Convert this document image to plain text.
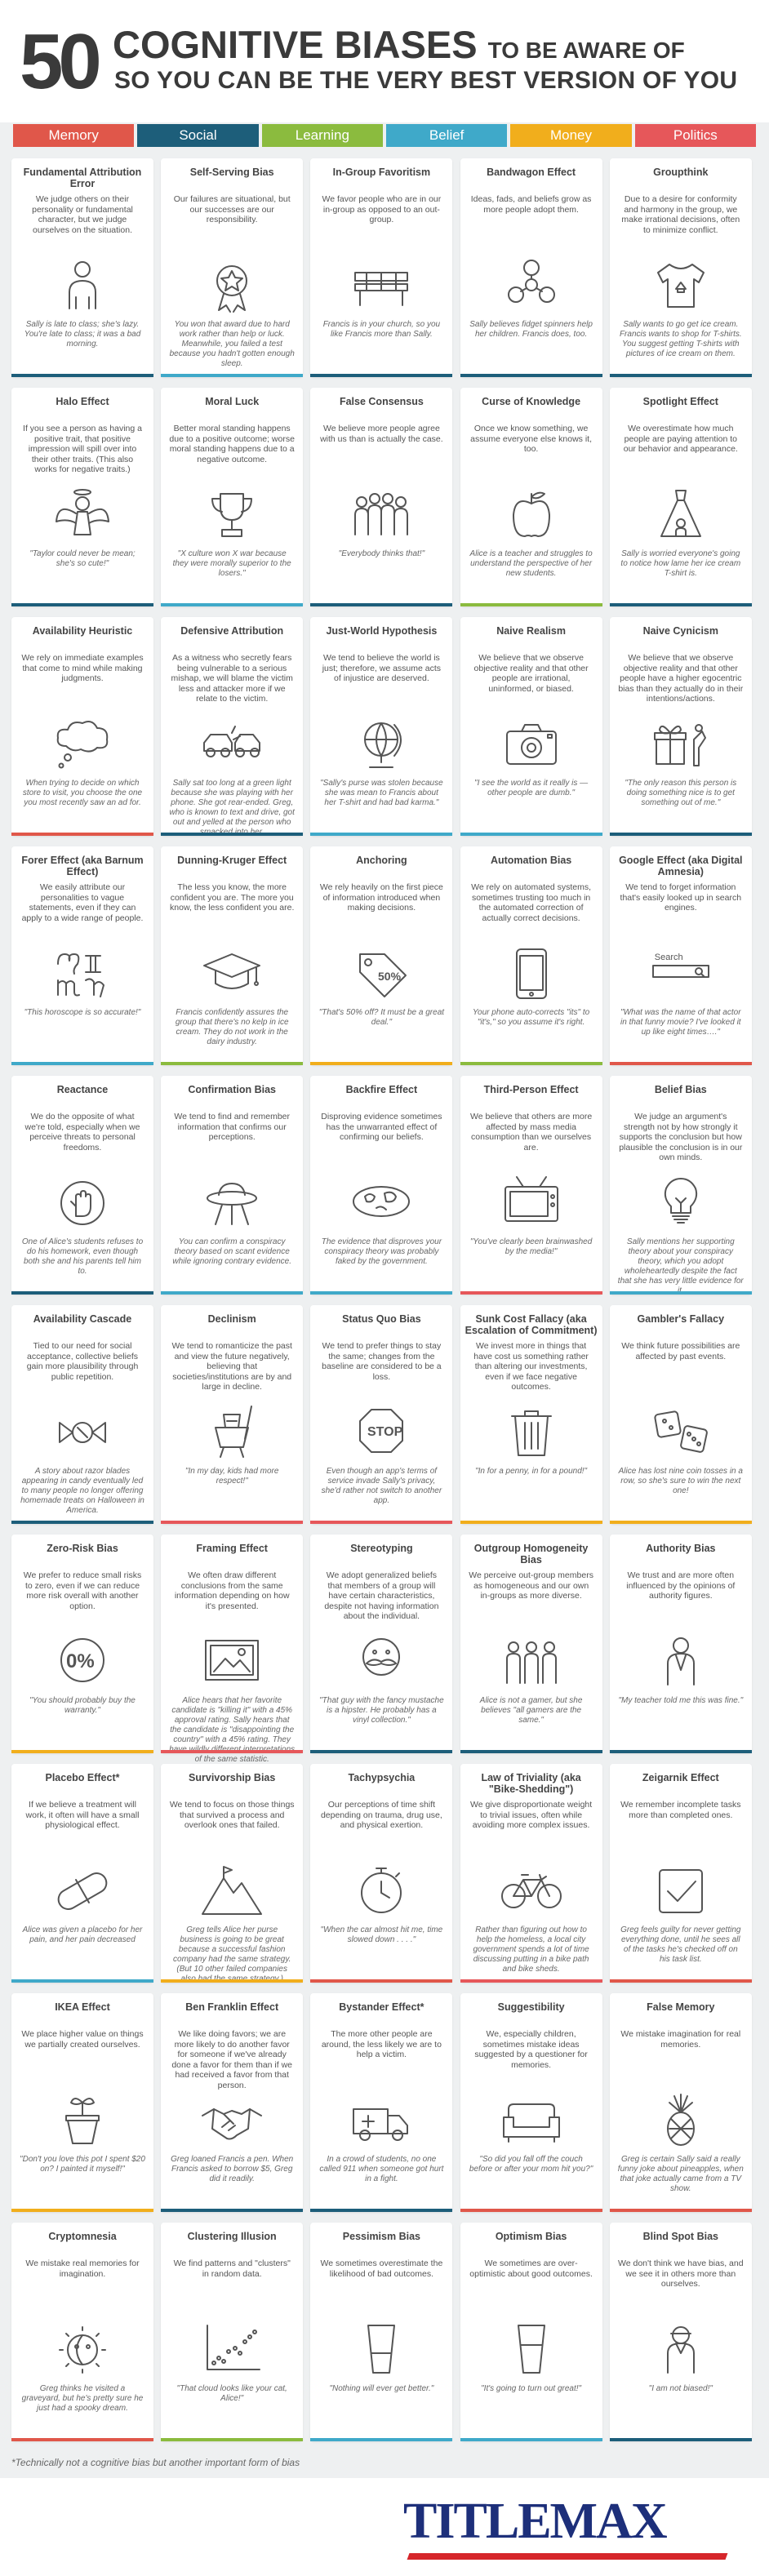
50 COGNITIVE BIASES TO BE AWARE OF
SO YOU CAN BE THE VERY BEST VERSION OF YOU
Memory	Social	Learning	Belief	Money	Politics
Fundamental Attribution Error
We judge others on their personality or fundamental character, but we judge ourselves on the situation.
Sally is late to class; she's lazy. You're late to class; it was a bad morning.
Self-Serving Bias
Our failures are situational, but our successes are our responsibility.
You won that award due to hard work rather than help or luck. Meanwhile, you failed a test because you hadn't gotten enough sleep.
In-Group Favoritism
We favor people who are in our in-group as opposed to an out-group.
Francis is in your church, so you like Francis more than Sally.
Bandwagon Effect
Ideas, fads, and beliefs grow as more people adopt them.
Sally believes fidget spinners help her children. Francis does, too.
Groupthink
Due to a desire for conformity and harmony in the group, we make irrational decisions, often to minimize conflict.
Sally wants to go get ice cream. Francis wants to shop for T-shirts. You suggest getting T-shirts with pictures of ice cream on them.
Halo Effect
If you see a person as having a positive trait, that positive impression will spill over into their other traits. (This also works for negative traits.)
"Taylor could never be mean; she's so cute!"
Moral Luck
Better moral standing happens due to a positive outcome; worse moral standing happens due to a negative outcome.
"X culture won X war because they were morally superior to the losers."
False Consensus
We believe more people agree with us than is actually the case.
"Everybody thinks that!"
Curse of Knowledge
Once we know something, we assume everyone else knows it, too.
Alice is a teacher and struggles to understand the perspective of her new students.
Spotlight Effect
We overestimate how much people are paying attention to our behavior and appearance.
Sally is worried everyone's going to notice how lame her ice cream T-shirt is.
Availability Heuristic
We rely on immediate examples that come to mind while making judgments.
When trying to decide on which store to visit, you choose the one you most recently saw an ad for.
Defensive Attribution
As a witness who secretly fears being vulnerable to a serious mishap, we will blame the victim less and attacker more if we relate to the victim.
Sally sat too long at a green light because she was playing with her phone. She got rear-ended. Greg, who is known to text and drive, got out and yelled at the person who
Just-World Hypothesis
We tend to believe the world is just; therefore, we assume acts of injustice are deserved.
"Sally's purse was stolen because she was mean to Francis about her T-shirt and had bad karma."
Naive Realism
We believe that we observe objective reality and that other people are irrational, uninformed, or biased.
"I see the world as it really is — other people are dumb."
Naive Cynicism
We believe that we observe objective reality and that other people have a higher egocentric bias than they actually do in their intentions/actions.
"The only reason this person is doing something nice is to get something out of me."
Forer Effect (aka Barnum Effect)
We easily attribute our personalities to vague statements, even if they can apply to a wide range of people.
"This horoscope is so accurate!"
Dunning-Kruger Effect
The less you know, the more confident you are. The more you know, the less confident you are.
Francis confidently assures the group that there's no kelp in ice cream. They do not work in the dairy industry.
Anchoring
We rely heavily on the first piece of information introduced when making decisions.
50%
"That's 50% off? It must be a great deal."
Automation Bias
We rely on automated systems, sometimes trusting too much in the automated correction of actually correct decisions.
Your phone auto-corrects "its" to "it's," so you assume it's right.
Google Effect (aka Digital Amnesia)
We tend to forget information that's easily looked up in search engines.
Search
"What was the name of that actor in that funny movie? I've looked it up like eight times…."
Reactance
We do the opposite of what we're told, especially when we perceive threats to personal freedoms.
One of Alice's students refuses to do his homework, even though both she and his parents tell him to.
Confirmation Bias
We tend to find and remember information that confirms our perceptions.
You can confirm a conspiracy theory based on scant evidence while ignoring contrary evidence.
Backfire Effect
Disproving evidence sometimes has the unwarranted effect of confirming our beliefs.
The evidence that disproves your conspiracy theory was probably faked by the government.
Third-Person Effect
We believe that others are more affected by mass media consumption than we ourselves are.
"You've clearly been brainwashed by the media!"
Belief Bias
We judge an argument's strength not by how strongly it supports the conclusion but how plausible the conclusion is in our own minds.
Sally mentions her supporting theory about your conspiracy theory, which you adopt wholeheartedly despite the fact that she has very little evidence for
Availability Cascade
Tied to our need for social acceptance, collective beliefs gain more plausibility through public repetition.
A story about razor blades appearing in candy eventually led to many people no longer offering homemade treats on Halloween in America.
Declinism
We tend to romanticize the past and view the future negatively, believing that societies/institutions are by and large in decline.
"In my day, kids had more respect!"
Status Quo Bias
We tend to prefer things to stay the same; changes from the baseline are considered to be a loss.
STOP
Even though an app's terms of service invade Sally's privacy, she'd rather not switch to another app.
Sunk Cost Fallacy (aka Escalation of Commitment)
We invest more in things that have cost us something rather than altering our investments, even if we face negative outcomes.
"In for a penny, in for a pound!"
Gambler's Fallacy
We think future possibilities are affected by past events.
Alice has lost nine coin tosses in a row, so she's sure to win the next one!
Zero-Risk Bias
We prefer to reduce small risks to zero, even if we can reduce more risk overall with another option.
0%
"You should probably buy the warranty."
Framing Effect
We often draw different conclusions from the same information depending on how it's presented.
Alice hears that her favorite candidate is "killing it" with a 45% approval rating. Sally hears that the candidate is "disappointing the country" with a 45% rating. They of the same statistic.
Stereotyping
We adopt generalized beliefs that members of a group will have certain characteristics, despite not having information about the individual.
"That guy with the fancy mustache is a hipster. He probably has a vinyl collection."
Outgroup Homogeneity Bias
We perceive out-group members as homogeneous and our own in-groups as more diverse.
Alice is not a gamer, but she believes "all gamers are the same."
Authority Bias
We trust and are more often influenced by the opinions of authority figures.
"My teacher told me this was fine."
Placebo Effect*
If we believe a treatment will work, it often will have a small physiological effect.
Alice was given a placebo for her pain, and her pain decreased
Survivorship Bias
We tend to focus on those things that survived a process and overlook ones that failed.
Greg tells Alice her purse business is going to be great because a successful fashion company had the same strategy. (But 10 other failed companies
Tachypsychia
Our perceptions of time shift depending on trauma, drug use, and physical exertion.
"When the car almost hit me, time slowed down . . . ."
Law of Triviality (aka "Bike-Shedding")
We give disproportionate weight to trivial issues, often while avoiding more complex issues.
Rather than figuring out how to help the homeless, a local city government spends a lot of time discussing putting in a bike path and bike sheds.
Zeigarnik Effect
We remember incomplete tasks more than completed ones.
Greg feels guilty for never getting everything done, until he sees all of the tasks he's checked off on his task list.
IKEA Effect
We place higher value on things we partially created ourselves.
"Don't you love this pot I spent $20 on? I painted it myself!"
Ben Franklin Effect
We like doing favors; we are more likely to do another favor for someone if we've already done a favor for them than if we had received a favor from that person.
Greg loaned Francis a pen. When Francis asked to borrow $5, Greg did it readily.
Bystander Effect*
The more other people are around, the less likely we are to help a victim.
In a crowd of students, no one called 911 when someone got hurt in a fight.
Suggestibility
We, especially children, sometimes mistake ideas suggested by a questioner for memories.
"So did you fall off the couch before or after your mom hit you?"
False Memory
We mistake imagination for real memories.
Greg is certain Sally said a really funny joke about pineapples, when that joke actually came from a TV show.
Cryptomnesia
We mistake real memories for imagination.
Greg thinks he visited a graveyard, but he's pretty sure he just had a spooky dream.
Clustering Illusion
We find patterns and "clusters" in random data.
"That cloud looks like your cat, Alice!"
Pessimism Bias
We sometimes overestimate the likelihood of bad outcomes.
"Nothing will ever get better."
Optimism Bias
We sometimes are over-optimistic about good outcomes.
"It's going to turn out great!"
Blind Spot Bias
We don't think we have bias, and we see it in others more than ourselves.
"I am not biased!"
*Technically not a cognitive bias but another important form of bias
TITLEMAX
